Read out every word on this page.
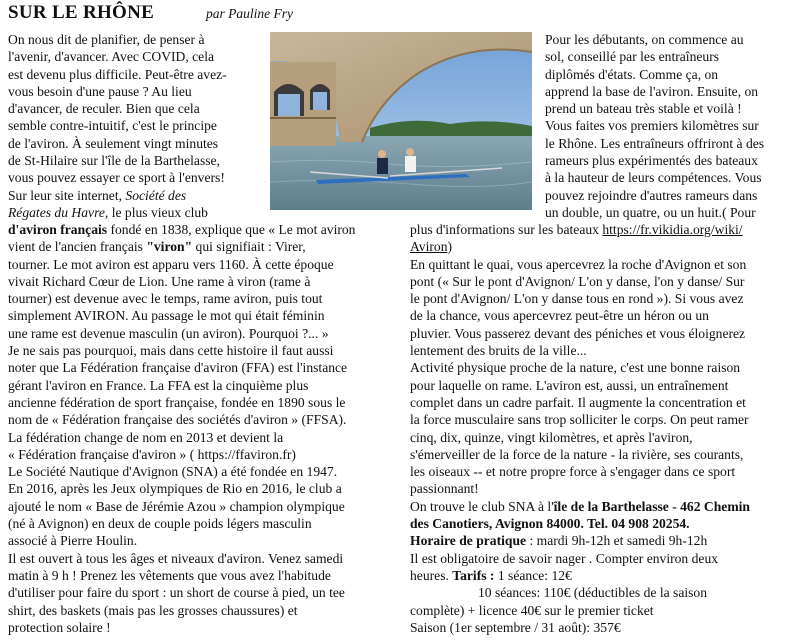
SUR LE RHÔNE	par Pauline Fry
On nous dit de planifier, de penser à
l'avenir, d'avancer. Avec COVID, cela
est devenu plus difficile. Peut-être avez-
vous besoin d'une pause ? Au lieu
d'avancer, de reculer. Bien que cela
semble contre-intuitif, c'est le principe
de l'aviron. À seulement vingt minutes
de St-Hilaire sur l'île de la Barthelasse,
vous pouvez essayer ce sport à l'envers!
Sur leur site internet, Société des
Régates du Havre, le plus vieux club
d'aviron français fondé en 1838, explique que « Le mot aviron
vient de l'ancien français "viron" qui signifiait : Virer,
tourner. Le mot aviron est apparu vers 1160. À cette époque
vivait Richard Cœur de Lion. Une rame à viron (rame à
tourner) est devenue avec le temps, rame aviron, puis tout
simplement AVIRON. Au passage le mot qui était féminin
une rame est devenue masculin (un aviron). Pourquoi ?... »
Je ne sais pas pourquoi, mais dans cette histoire il faut aussi
noter que La Fédération française d'aviron (FFA) est l'instance
gérant l'aviron en France. La FFA est la cinquième plus
ancienne fédération de sport française, fondée en 1890 sous le
nom de « Fédération française des sociétés d'aviron » (FFSA).
La fédération change de nom en 2013 et devient la
« Fédération française d'aviron » ( https://ffaviron.fr)
Le Société Nautique d'Avignon (SNA) a été fondée en 1947.
En 2016, après les Jeux olympiques de Rio en 2016, le club a
ajouté le nom « Base de Jérémie Azou » champion olympique
(né à Avignon) en deux de couple poids légers masculin
associé à Pierre Houlin.
Il est ouvert à tous les âges et niveaux d'aviron. Venez samedi
matin à 9 h ! Prenez les vêtements que vous avez l'habitude
d'utiliser pour faire du sport : un short de course à pied, un tee
shirt, des baskets (mais pas les grosses chaussures) et
protection solaire !
Pour les débutants, on commence au
sol, conseillé par les entraîneurs
diplômés d'états. Comme ça, on
apprend la base de l'aviron. Ensuite, on
prend un bateau très stable et voilà !
Vous faites vos premiers kilomètres sur
le Rhône. Les entraîneurs offriront à des
rameurs plus expérimentés des bateaux
à la hauteur de leurs compétences. Vous
pouvez rejoindre d'autres rameurs dans
un double, un quatre, ou un huit.( Pour
plus d'informations sur les bateaux https://fr.vikidia.org/wiki/
Aviron)
En quittant le quai, vous apercevrez la roche d'Avignon et son
pont (« Sur le pont d'Avignon/ L'on y danse, l'on y danse/ Sur
le pont d'Avignon/ L'on y danse tous en rond »). Si vous avez
de la chance, vous apercevrez peut-être un héron ou un
pluvier. Vous passerez devant des péniches et vous éloignerez
lentement des bruits de la ville...
Activité physique proche de la nature, c'est une bonne raison
pour laquelle on rame. L'aviron est, aussi, un entraînement
complet dans un cadre parfait. Il augmente la concentration et
la force musculaire sans trop solliciter le corps. On peut ramer
cinq, dix, quinze, vingt kilomètres, et après l'aviron,
s'émerveiller de la force de la nature - la rivière, ses courants,
les oiseaux -- et notre propre force à s'engager dans ce sport
passionnant!
On trouve le club SNA à l'île de la Barthelasse - 462 Chemin
des Canotiers, Avignon 84000. Tel. 04 908 20254.
Horaire de pratique : mardi 9h-12h et samedi 9h-12h
Il est obligatoire de savoir nager . Compter environ deux
heures. Tarifs : 1 séance: 12€
10 séances: 110€ (déductibles de la saison
complète) + licence 40€ sur le premier ticket
Saison (1er septembre / 31 août): 357€
